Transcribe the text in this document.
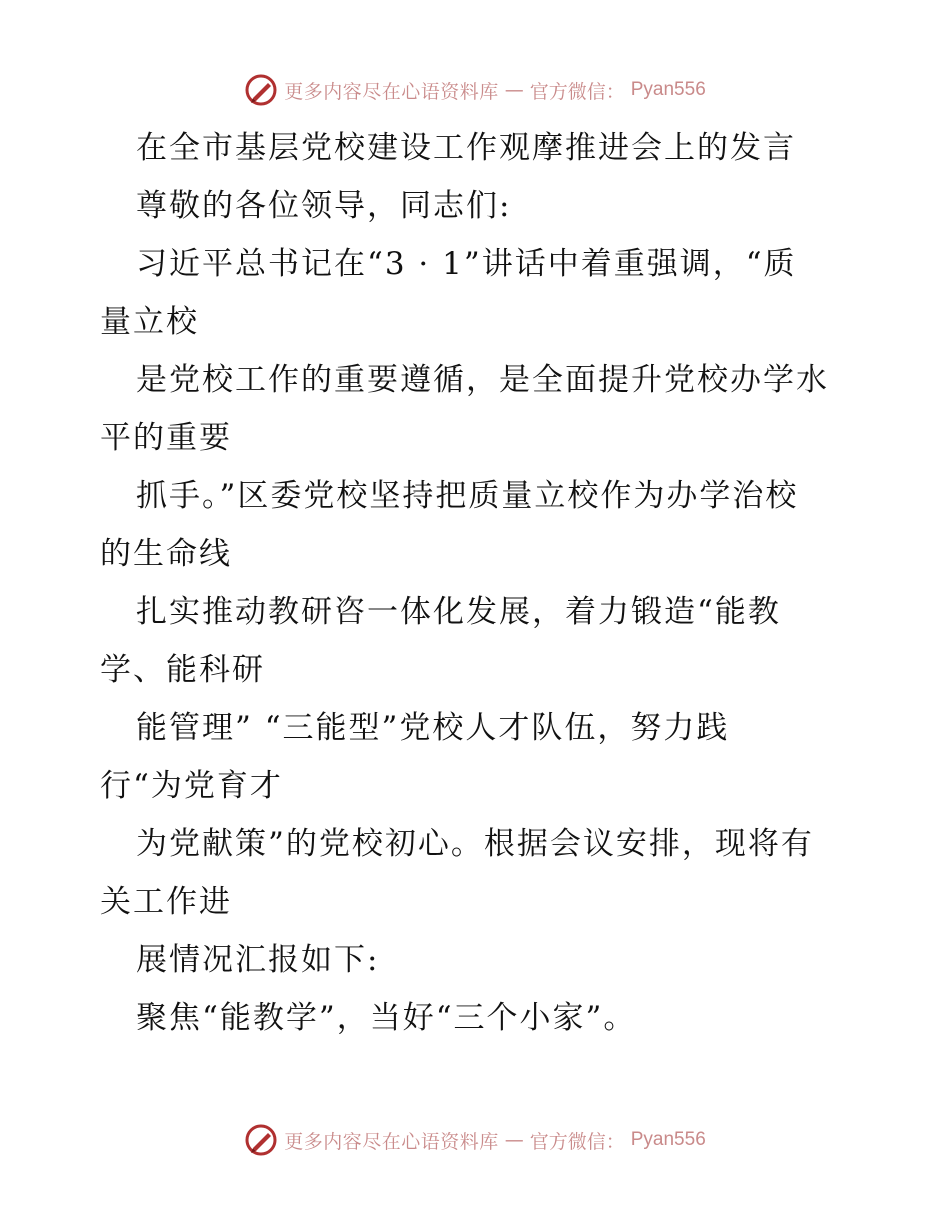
更多内容尽在心语资料库 — 官方微信： Pyan556
在全市基层党校建设工作观摩推进会上的发言
尊敬的各位领导，同志们:
习近平总书记在“3 · 1”讲话中着重强调，“质
量立校
是党校工作的重要遵循，是全面提升党校办学水
平的重要
抓手。”区委党校坚持把质量立校作为办学治校
的生命线
扎实推动教研咨一体化发展，着力锻造“能教
学、能科研
能管理” “三能型”党校人才队伍，努力践
行“为党育才
为党献策”的党校初心。根据会议安排，现将有
关工作进
展情况汇报如下:
聚焦“能教学”，当好“三个小家”。
更多内容尽在心语资料库 — 官方微信： Pyan556
